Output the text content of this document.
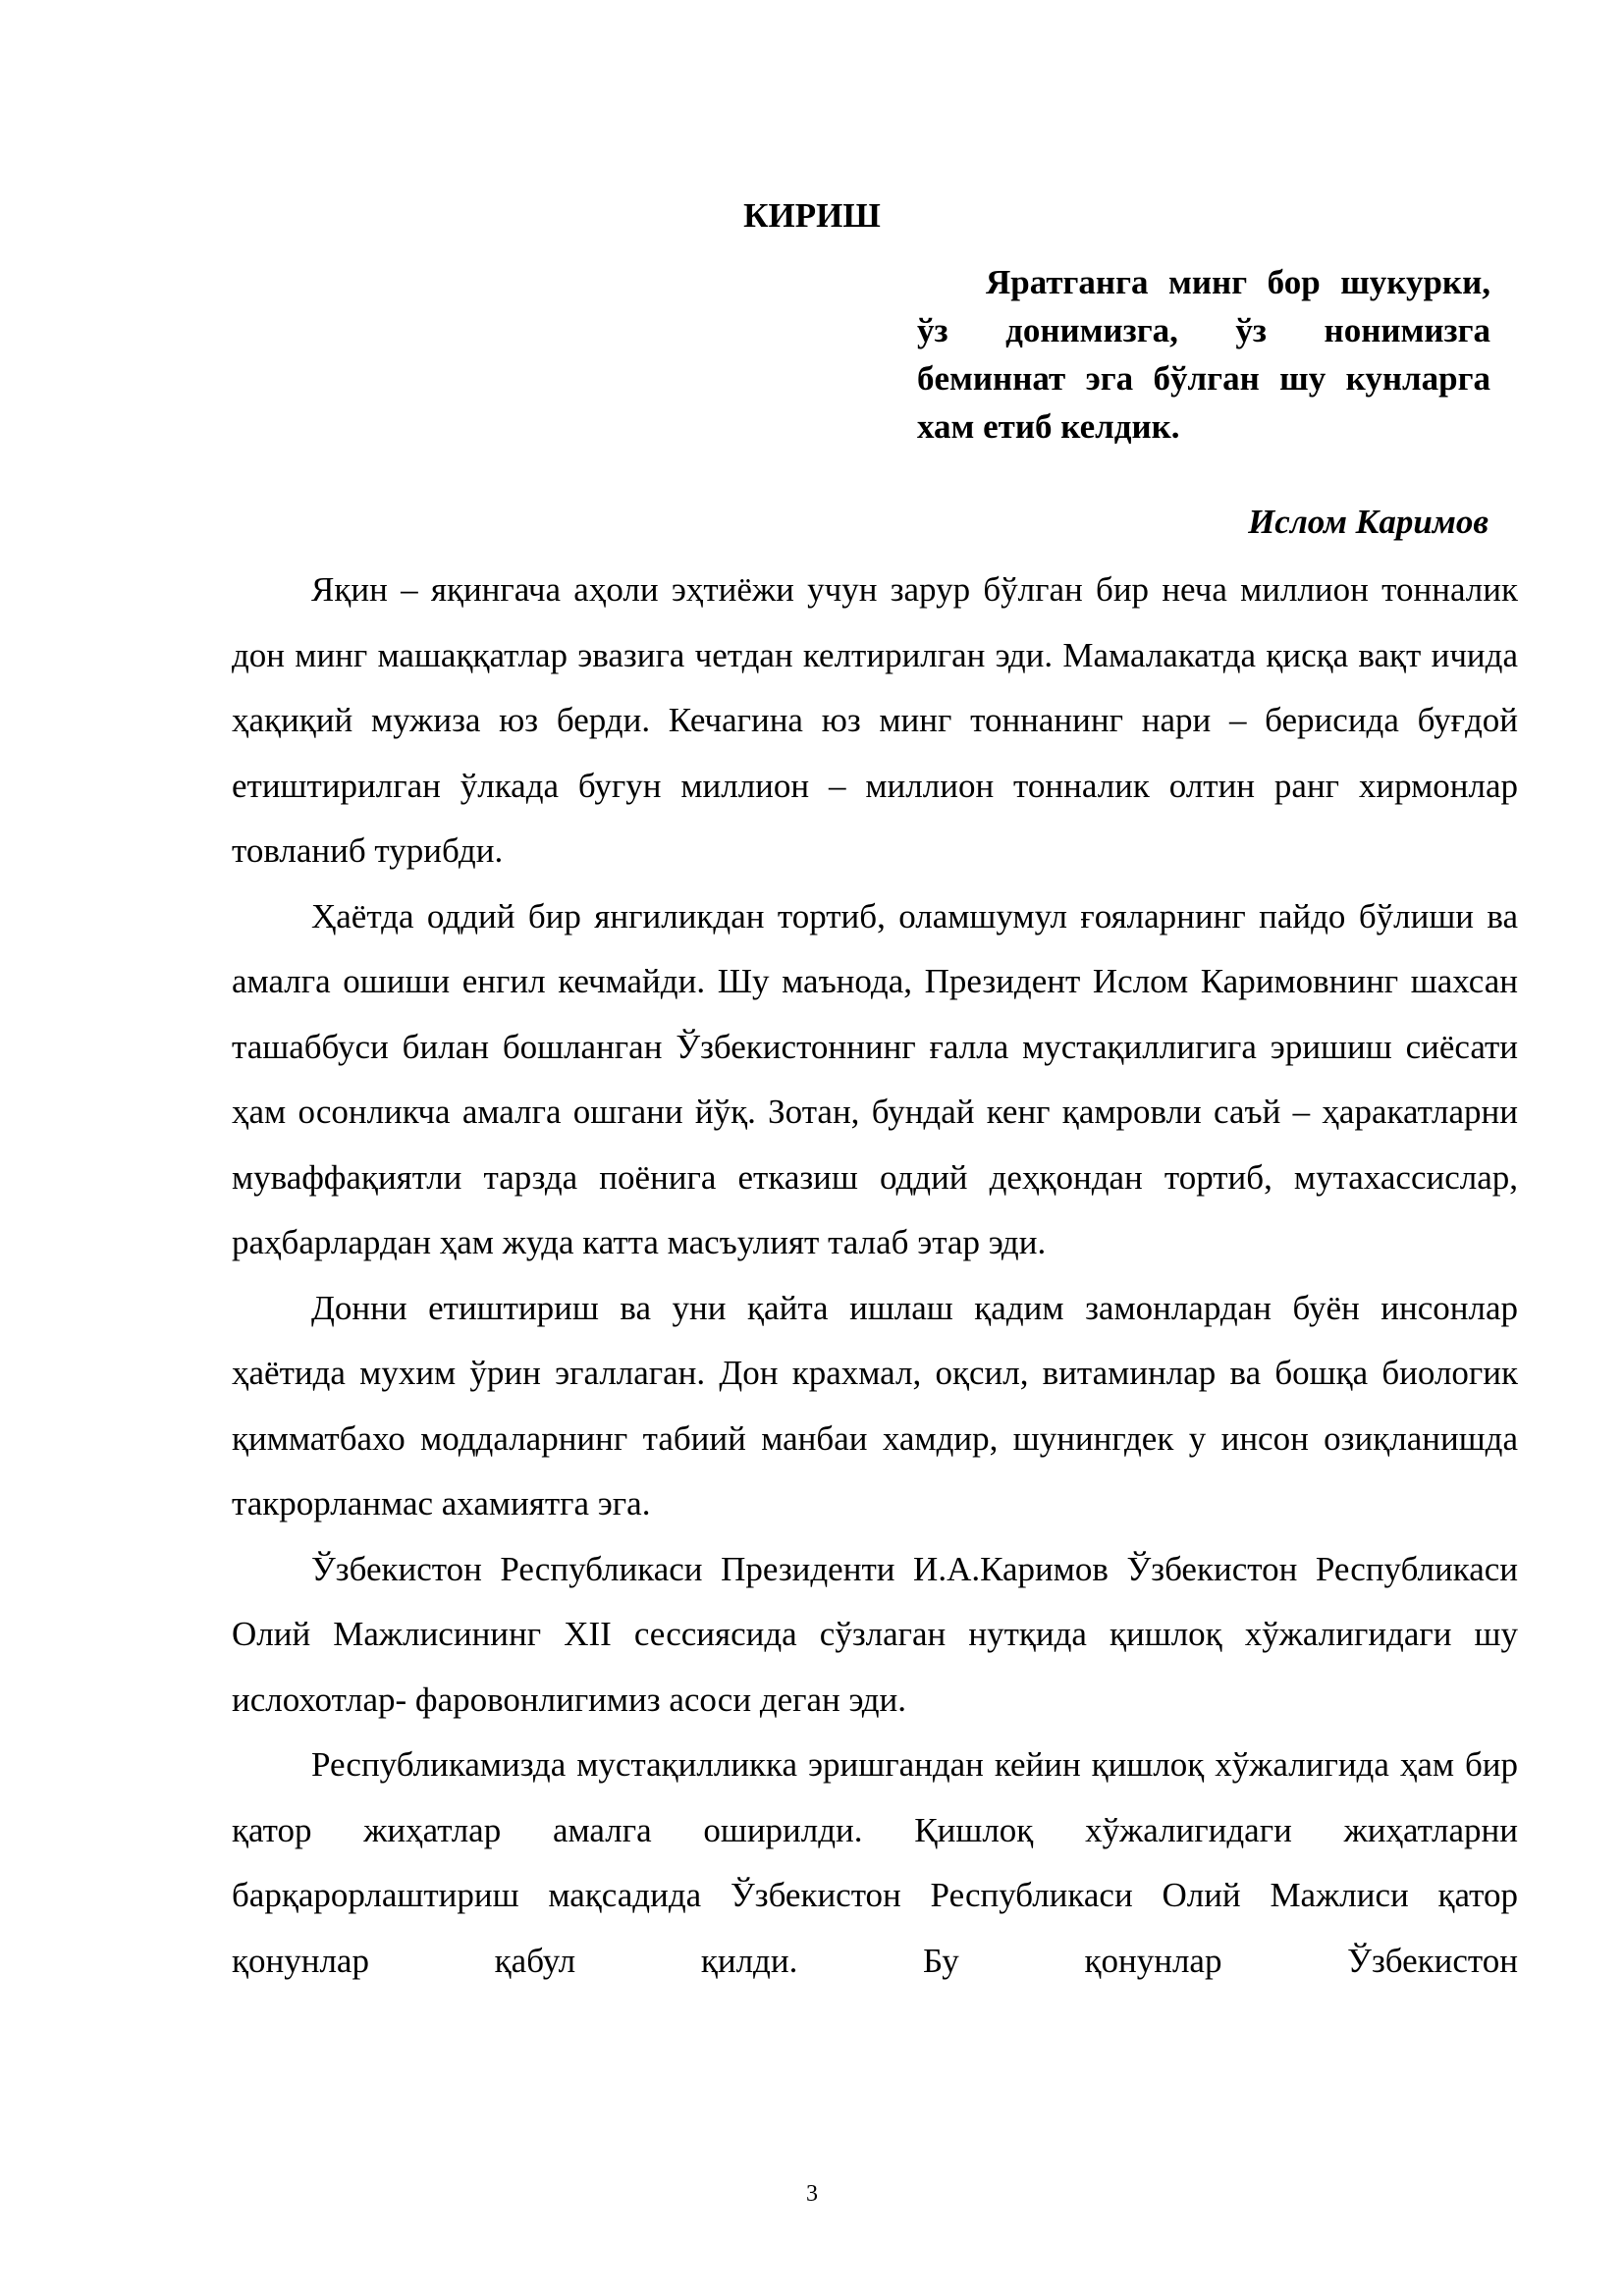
КИРИШ
Яратганга минг бор шукурки, ўз донимизга, ўз нонимизга бeминнат эга бўлган шу кунларга хам етиб келдик.
Ислом Каримов

Яқин – яқингача аҳоли эҳтиёжи учун зарур бўлган бир неча миллион тонналик дон минг машаққатлар эвазига четдан келтирилган эди. Мамалакатда қисқа вақт ичида ҳақиқий мужиза юз берди. Кечагина юз минг тоннанинг нари – берисида буғдой етиштирилган ўлкада бугун миллион – миллион тонналик олтин ранг хирмонлар товланиб турибди.

Ҳаётда оддий бир янгиликдан тортиб, оламшумул ғояларнинг пайдо бўлиши ва амалга ошиши енгил кечмайди. Шу маънода, Президент Ислом Каримовнинг шахсан ташаббуси билан бошланган Ўзбекистоннинг ғалла мустақиллигига эришиш сиёсати ҳам осонликча амалга ошгани йўқ. Зотан, бундай кенг қамровли саъй – ҳаракатларни муваффақиятли тарзда поёнига етказиш оддий деҳқондан тортиб, мутахассислар, раҳбарлардан ҳам жуда катта масъулият талаб этар эди.

Донни етиштириш ва уни қайта ишлаш қадим замонлардан буён инсонлар ҳаётида мухим ўрин эгаллаган. Дон крахмал, оқсил, витаминлар ва бошқа биологик қимматбахо моддаларнинг табиий манбаи хамдир, шунингдек у инсон озиқланишда такрорланмас ахамиятга эга.

Ўзбекистон Республикаси Президенти И.А.Каримов Ўзбекистон Республикаси Олий Мажлисининг XII сессиясида сўзлаган нутқида қишлоқ хўжалигидаги шу ислохотлар- фаровонлигимиз асоси деган эди.

Республикамизда мустақилликка эришгандан кейин қишлоқ хўжалигида ҳам бир қатор жиҳатлар амалга оширилди. Қишлоқ хўжалигидаги жиҳатларни барқарорлаштириш мақсадида Ўзбекистон Республикаси Олий Мажлиси қатор қонунлар қабул қилди. Бу қонунлар Ўзбекистон

3
